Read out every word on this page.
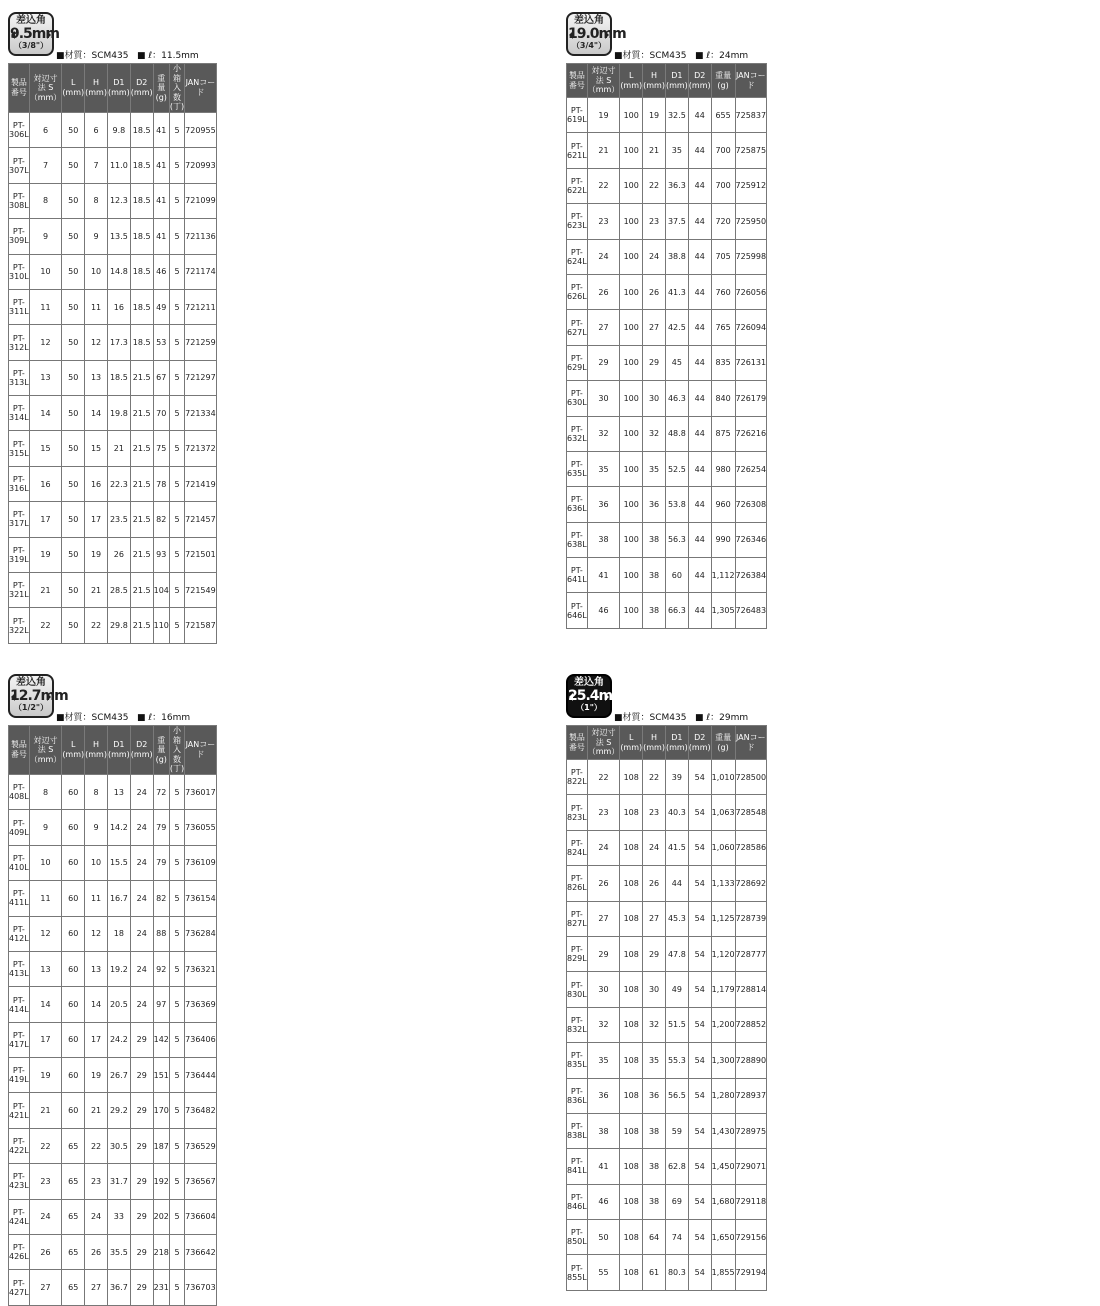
差込角
9.5mm
（3/8"）
■材質：SCM435 ■ ℓ：11.5mm
製品番号	対辺寸法 S（mm）	L (mm)	H (mm)	D1 (mm)	D2 (mm)	重量 (g)	小箱入数 (丁)	JANコード
PT-306L	6	50	6	9.8	18.5	41	5	720955
PT-307L	7	50	7	11.0	18.5	41	5	720993
PT-308L	8	50	8	12.3	18.5	41	5	721099
PT-309L	9	50	9	13.5	18.5	41	5	721136
PT-310L	10	50	10	14.8	18.5	46	5	721174
PT-311L	11	50	11	16	18.5	49	5	721211
PT-312L	12	50	12	17.3	18.5	53	5	721259
PT-313L	13	50	13	18.5	21.5	67	5	721297
PT-314L	14	50	14	19.8	21.5	70	5	721334
PT-315L	15	50	15	21	21.5	75	5	721372
PT-316L	16	50	16	22.3	21.5	78	5	721419
PT-317L	17	50	17	23.5	21.5	82	5	721457
PT-319L	19	50	19	26	21.5	93	5	721501
PT-321L	21	50	21	28.5	21.5	104	5	721549
PT-322L	22	50	22	29.8	21.5	110	5	721587
差込角
19.0mm
（3/4"）
■材質：SCM435 ■ ℓ：24mm
製品番号	対辺寸法 S（mm）	L (mm)	H (mm)	D1 (mm)	D2 (mm)	重量 (g)	JANコード
PT-619L	19	100	19	32.5	44	655	725837
PT-621L	21	100	21	35	44	700	725875
PT-622L	22	100	22	36.3	44	700	725912
PT-623L	23	100	23	37.5	44	720	725950
PT-624L	24	100	24	38.8	44	705	725998
PT-626L	26	100	26	41.3	44	760	726056
PT-627L	27	100	27	42.5	44	765	726094
PT-629L	29	100	29	45	44	835	726131
PT-630L	30	100	30	46.3	44	840	726179
PT-632L	32	100	32	48.8	44	875	726216
PT-635L	35	100	35	52.5	44	980	726254
PT-636L	36	100	36	53.8	44	960	726308
PT-638L	38	100	38	56.3	44	990	726346
PT-641L	41	100	38	60	44	1,112	726384
PT-646L	46	100	38	66.3	44	1,305	726483
差込角
12.7mm
（1/2"）
■材質：SCM435 ■ ℓ：16mm
製品番号	対辺寸法 S（mm）	L (mm)	H (mm)	D1 (mm)	D2 (mm)	重量 (g)	小箱入数 (丁)	JANコード
PT-408L	8	60	8	13	24	72	5	736017
PT-409L	9	60	9	14.2	24	79	5	736055
PT-410L	10	60	10	15.5	24	79	5	736109
PT-411L	11	60	11	16.7	24	82	5	736154
PT-412L	12	60	12	18	24	88	5	736284
PT-413L	13	60	13	19.2	24	92	5	736321
PT-414L	14	60	14	20.5	24	97	5	736369
PT-417L	17	60	17	24.2	29	142	5	736406
PT-419L	19	60	19	26.7	29	151	5	736444
PT-421L	21	60	21	29.2	29	170	5	736482
PT-422L	22	65	22	30.5	29	187	5	736529
PT-423L	23	65	23	31.7	29	192	5	736567
PT-424L	24	65	24	33	29	202	5	736604
PT-426L	26	65	26	35.5	29	218	5	736642
PT-427L	27	65	27	36.7	29	231	5	736703
差込角
25.4mm
（1"）
■材質：SCM435 ■ ℓ：29mm
製品番号	対辺寸法 S（mm）	L (mm)	H (mm)	D1 (mm)	D2 (mm)	重量 (g)	JANコード
PT-822L	22	108	22	39	54	1,010	728500
PT-823L	23	108	23	40.3	54	1,063	728548
PT-824L	24	108	24	41.5	54	1,060	728586
PT-826L	26	108	26	44	54	1,133	728692
PT-827L	27	108	27	45.3	54	1,125	728739
PT-829L	29	108	29	47.8	54	1,120	728777
PT-830L	30	108	30	49	54	1,179	728814
PT-832L	32	108	32	51.5	54	1,200	728852
PT-835L	35	108	35	55.3	54	1,300	728890
PT-836L	36	108	36	56.5	54	1,280	728937
PT-838L	38	108	38	59	54	1,430	728975
PT-841L	41	108	38	62.8	54	1,450	729071
PT-846L	46	108	38	69	54	1,680	729118
PT-850L	50	108	64	74	54	1,650	729156
PT-855L	55	108	61	80.3	54	1,855	729194
